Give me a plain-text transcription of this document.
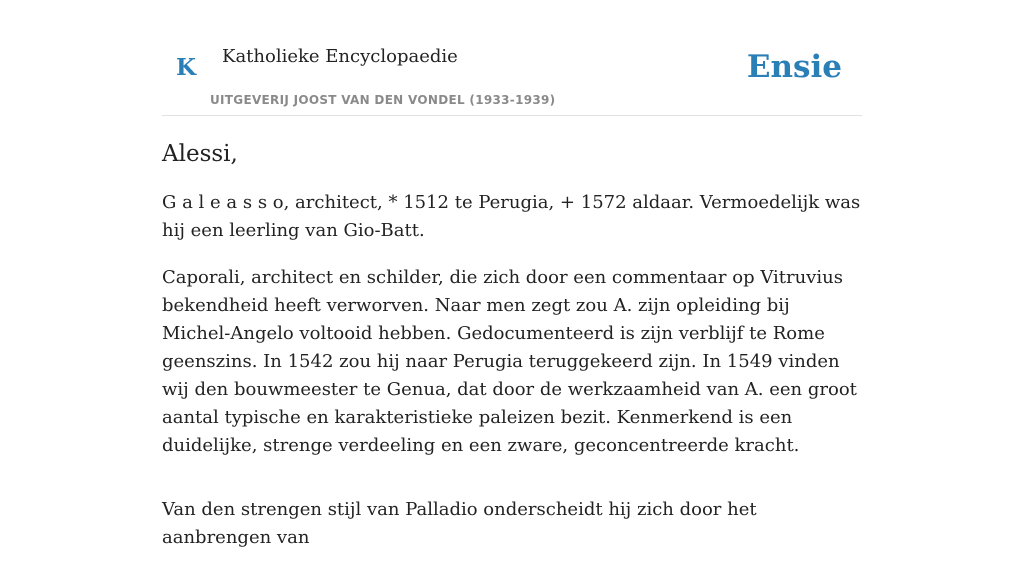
K Katholieke Encyclopaedie
UITGEVERIJ JOOST VAN DEN VONDEL (1933-1939)
Ensie
Alessi,

G a l e a s s o, architect, * 1512 te Perugia, + 1572 aldaar. Vermoedelijk was hij een leerling van Gio-Batt.

Caporali, architect en schilder, die zich door een commentaar op Vitruvius bekendheid heeft verworven. Naar men zegt zou A. zijn opleiding bij Michel-Angelo voltooid hebben. Gedocumenteerd is zijn verblijf te Rome geenszins. In 1542 zou hij naar Perugia teruggekeerd zijn. In 1549 vinden wij den bouwmeester te Genua, dat door de werkzaamheid van A. een groot aantal typische en karakteristieke paleizen bezit. Kenmerkend is een duidelijke, strenge verdeeling en een zware, geconcentreerde kracht.

Van den strengen stijl van Palladio onderscheidt hij zich door het aanbrengen van
